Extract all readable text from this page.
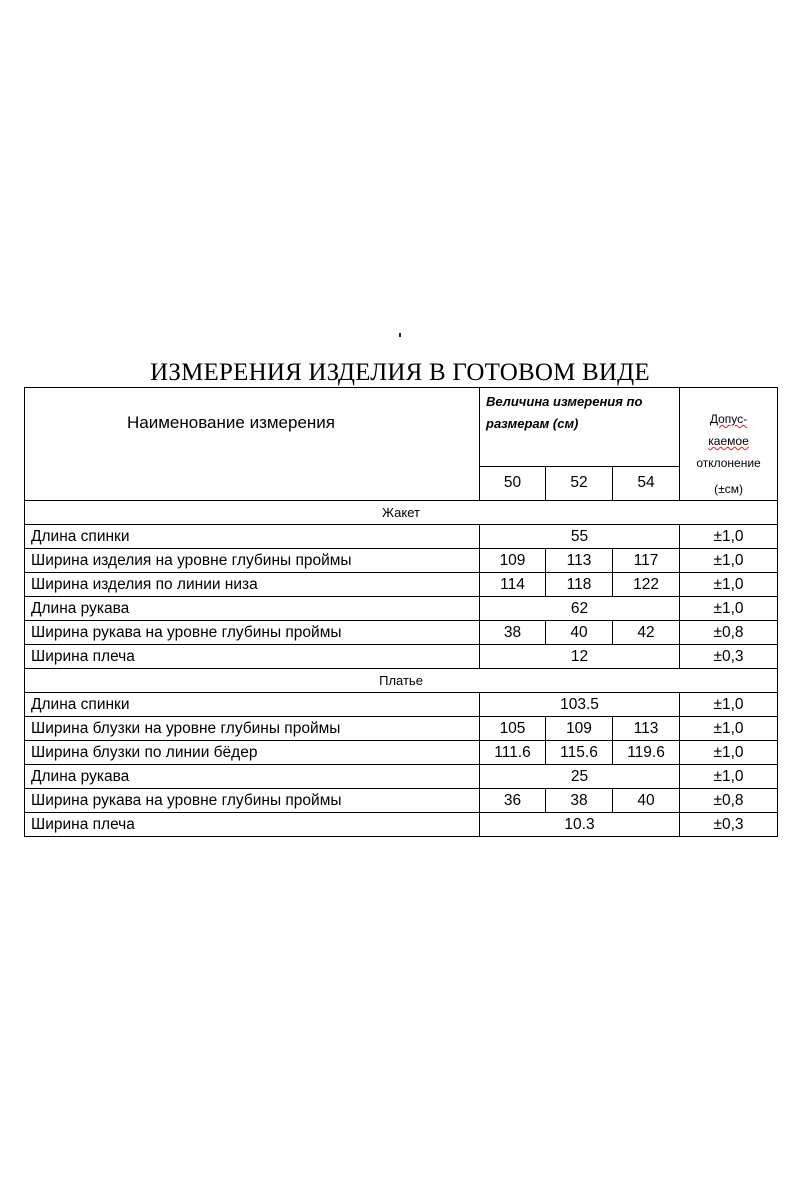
ИЗМЕРЕНИЯ ИЗДЕЛИЯ В ГОТОВОМ ВИДЕ
Наименование измерения	Величина измерения по размерам (см)			Допус-
каемое
отклонение
(±см)

	50	52	54	
Жакет				
Длина спинки	55			±1,0
Ширина изделия на уровне глубины проймы	109	113	117	±1,0
Ширина изделия по линии низа	114	118	122	±1,0
Длина рукава	62			±1,0
Ширина рукава на уровне глубины проймы	38	40	42	±0,8
Ширина плеча	12			±0,3
Платье				
Длина спинки	103.5			±1,0
Ширина блузки на уровне глубины проймы	105	109	113	±1,0
Ширина блузки по линии бёдер	111.6	115.6	119.6	±1,0
Длина рукава	25			±1,0
Ширина рукава на уровне глубины проймы	36	38	40	±0,8
Ширина плеча	10.3			±0,3
